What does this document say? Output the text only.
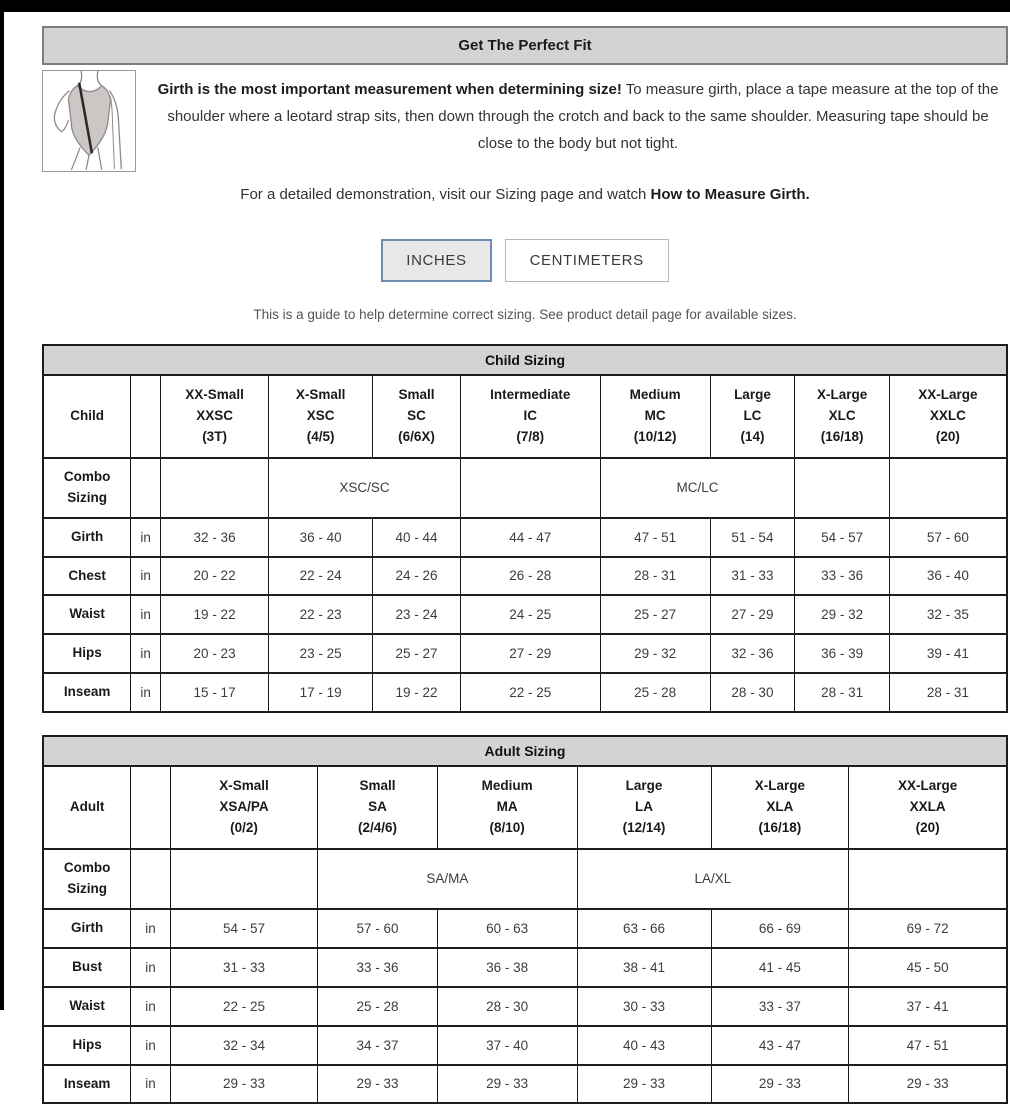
Get The Perfect Fit
Girth is the most important measurement when determining size! To measure girth, place a tape measure at the top of the shoulder where a leotard strap sits, then down through the crotch and back to the same shoulder. Measuring tape should be close to the body but not tight.
For a detailed demonstration, visit our Sizing page and watch How to Measure Girth.
INCHES	CENTIMETERS
This is a guide to help determine correct sizing. See product detail page for available sizes.
Child Sizing									
Child		XX-Small
XXSC
(3T)	X-Small
XSC
(4/5)	Small
SC
(6/6X)	Intermediate
IC
(7/8)	Medium
MC
(10/12)	Large
LC
(14)	X-Large
XLC
(16/18)	XX-Large
XXLC
(20)
Combo
Sizing			XSC/SC			MC/LC			
Girth	in	32 - 36	36 - 40	40 - 44	44 - 47	47 - 51	51 - 54	54 - 57	57 - 60
Chest	in	20 - 22	22 - 24	24 - 26	26 - 28	28 - 31	31 - 33	33 - 36	36 - 40
Waist	in	19 - 22	22 - 23	23 - 24	24 - 25	25 - 27	27 - 29	29 - 32	32 - 35
Hips	in	20 - 23	23 - 25	25 - 27	27 - 29	29 - 32	32 - 36	36 - 39	39 - 41
Inseam	in	15 - 17	17 - 19	19 - 22	22 - 25	25 - 28	28 - 30	28 - 31	28 - 31
Adult Sizing							
Adult		X-Small
XSA/PA
(0/2)	Small
SA
(2/4/6)	Medium
MA
(8/10)	Large
LA
(12/14)	X-Large
XLA
(16/18)	XX-Large
XXLA
(20)
Combo
Sizing			SA/MA		LA/XL		
Girth	in	54 - 57	57 - 60	60 - 63	63 - 66	66 - 69	69 - 72
Bust	in	31 - 33	33 - 36	36 - 38	38 - 41	41 - 45	45 - 50
Waist	in	22 - 25	25 - 28	28 - 30	30 - 33	33 - 37	37 - 41
Hips	in	32 - 34	34 - 37	37 - 40	40 - 43	43 - 47	47 - 51
Inseam	in	29 - 33	29 - 33	29 - 33	29 - 33	29 - 33	29 - 33
